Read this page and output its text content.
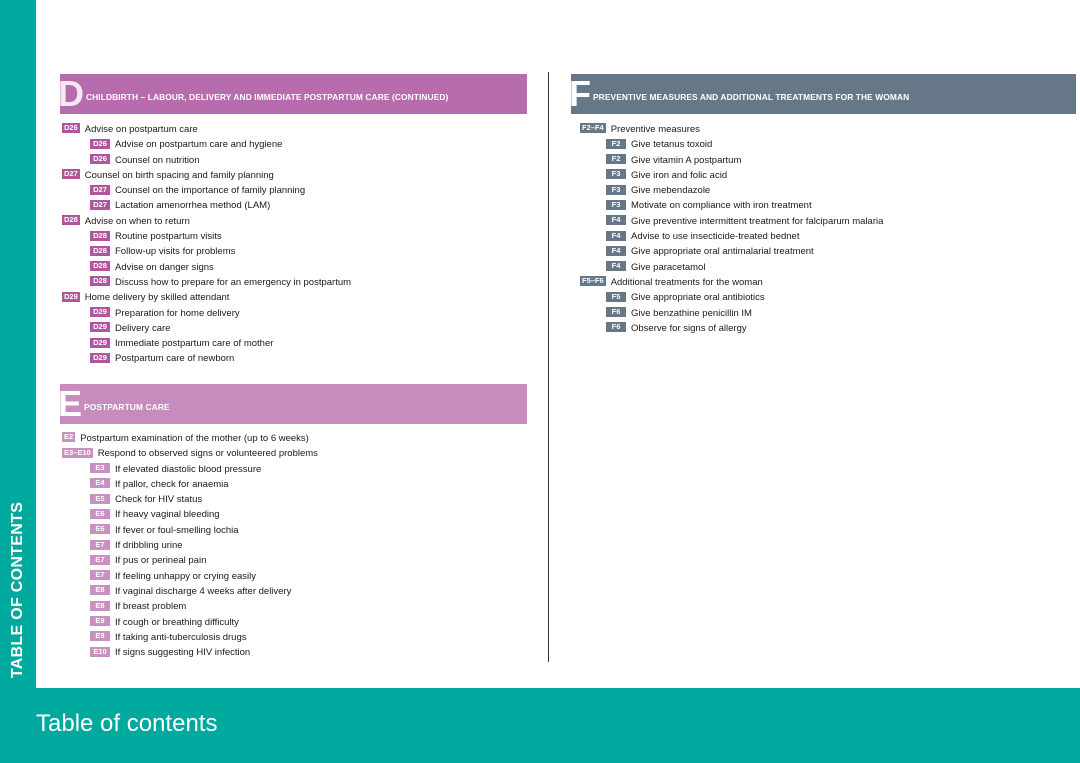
TABLE OF CONTENTS
D CHILDBIRTH – LABOUR, DELIVERY AND IMMEDIATE POSTPARTUM CARE (CONTINUED)
D26 Advise on postpartum care
D26 Advise on postpartum care and hygiene
D26 Counsel on nutrition
D27 Counsel on birth spacing and family planning
D27 Counsel on the importance of family planning
D27 Lactation amenorrhea method (LAM)
D28 Advise on when to return
D28 Routine postpartum visits
D28 Follow-up visits for problems
D28 Advise on danger signs
D28 Discuss how to prepare for an emergency in postpartum
D29 Home delivery by skilled attendant
D29 Preparation for home delivery
D29 Delivery care
D29 Immediate postpartum care of mother
D29 Postpartum care of newborn
E POSTPARTUM CARE
E2 Postpartum examination of the mother (up to 6 weeks)
E3–E10 Respond to observed signs or volunteered problems
E3 If elevated diastolic blood pressure
E4 If pallor, check for anaemia
E5 Check for HIV status
E6 If heavy vaginal bleeding
E6 If fever or foul-smelling lochia
E7 If dribbling urine
E7 If pus or perineal pain
E7 If feeling unhappy or crying easily
E8 If vaginal discharge 4 weeks after delivery
E8 If breast problem
E9 If cough or breathing difficulty
E9 If taking anti-tuberculosis drugs
E10 If signs suggesting HIV infection
F PREVENTIVE MEASURES AND ADDITIONAL TREATMENTS FOR THE WOMAN
F2–F4 Preventive measures
F2 Give tetanus toxoid
F2 Give vitamin A postpartum
F3 Give iron and folic acid
F3 Give mebendazole
F3 Motivate on compliance with iron treatment
F4 Give preventive intermittent treatment for falciparum malaria
F4 Advise to use insecticide-treated bednet
F4 Give appropriate oral antimalarial treatment
F4 Give paracetamol
F5–F6 Additional treatments for the woman
F5 Give appropriate oral antibiotics
F6 Give benzathine penicillin IM
F6 Observe for signs of allergy
Table of contents
